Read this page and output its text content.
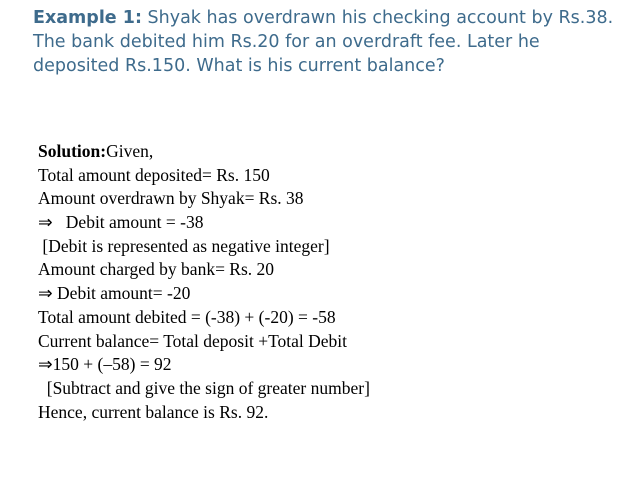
Example 1: Shyak has overdrawn his checking account by Rs.38. The bank debited him Rs.20 for an overdraft fee. Later he deposited Rs.150. What is his current balance?
Solution:Given,
Total amount deposited= Rs. 150
Amount overdrawn by Shyak= Rs. 38
⇒   Debit amount = -38
[Debit is represented as negative integer]
Amount charged by bank= Rs. 20
⇒ Debit amount= -20
Total amount debited = (-38) + (-20) = -58
Current balance= Total deposit +Total Debit
⇒150 + (–58) = 92
[Subtract and give the sign of greater number]
Hence, current balance is Rs. 92.
